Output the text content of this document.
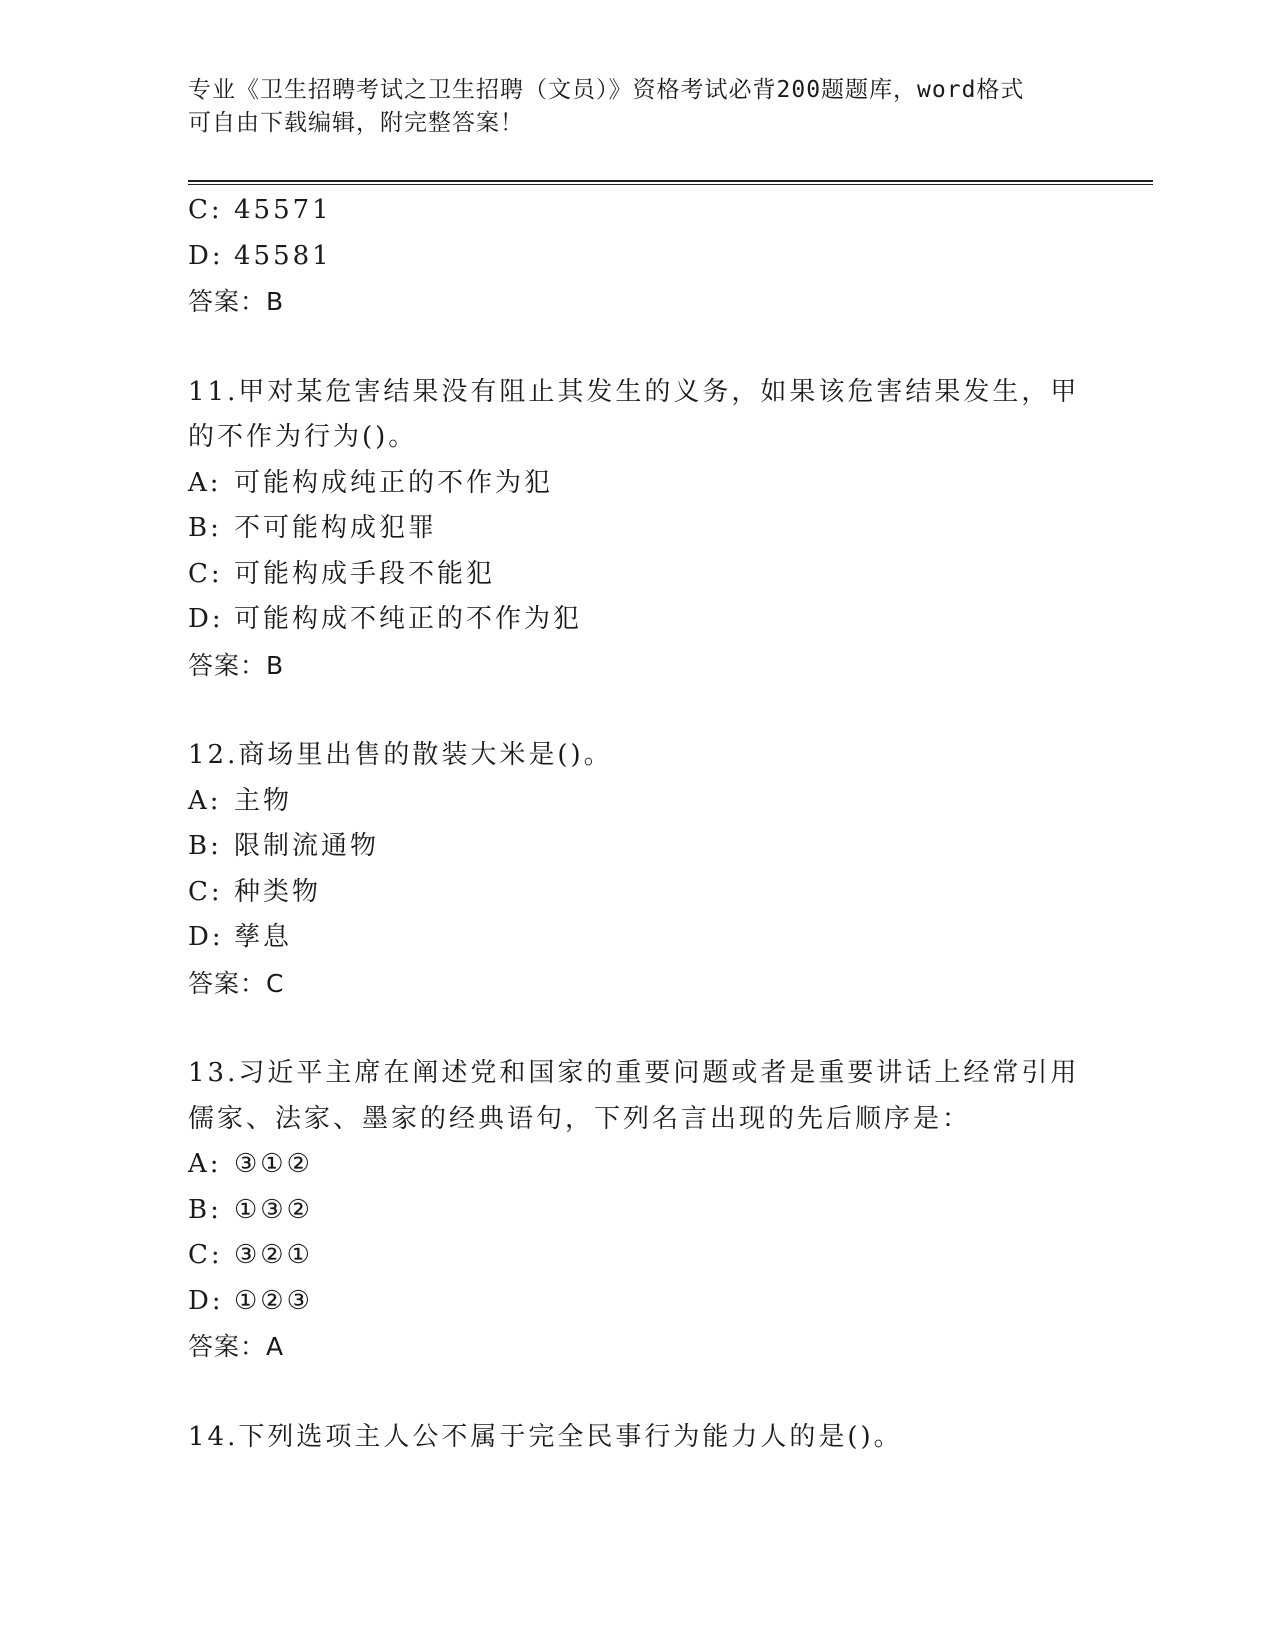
专业《卫生招聘考试之卫生招聘（文员）》资格考试必背200题题库，word格式
可自由下载编辑，附完整答案！
C: 45571
D: 45581
答案：B
11.甲对某危害结果没有阻止其发生的义务，如果该危害结果发生，甲
的不作为行为()。
A: 可能构成纯正的不作为犯
B: 不可能构成犯罪
C: 可能构成手段不能犯
D: 可能构成不纯正的不作为犯
答案：B
12.商场里出售的散装大米是()。
A: 主物
B: 限制流通物
C: 种类物
D: 孳息
答案：C
13.习近平主席在阐述党和国家的重要问题或者是重要讲话上经常引用
儒家、法家、墨家的经典语句，下列名言出现的先后顺序是：
A: ③①②
B: ①③②
C: ③②①
D: ①②③
答案：A
14.下列选项主人公不属于完全民事行为能力人的是()。
